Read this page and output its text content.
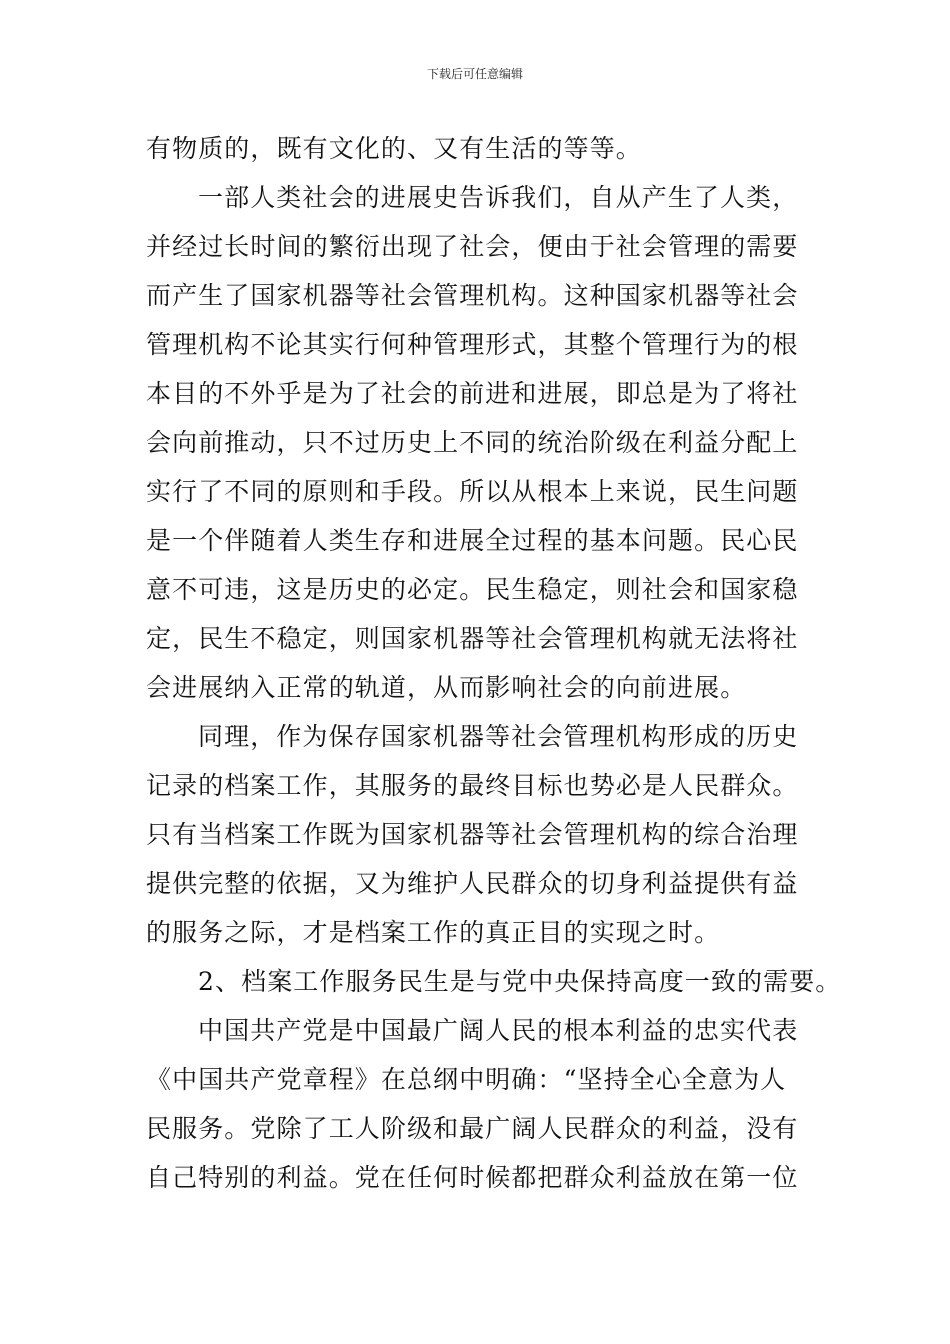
下载后可任意编辑
有物质的，既有文化的、又有生活的等等。
一部人类社会的进展史告诉我们，自从产生了人类，
并经过长时间的繁衍出现了社会，便由于社会管理的需要
而产生了国家机器等社会管理机构。这种国家机器等社会
管理机构不论其实行何种管理形式，其整个管理行为的根
本目的不外乎是为了社会的前进和进展，即总是为了将社
会向前推动，只不过历史上不同的统治阶级在利益分配上
实行了不同的原则和手段。所以从根本上来说，民生问题
是一个伴随着人类生存和进展全过程的基本问题。民心民
意不可违，这是历史的必定。民生稳定，则社会和国家稳
定，民生不稳定，则国家机器等社会管理机构就无法将社
会进展纳入正常的轨道，从而影响社会的向前进展。
同理，作为保存国家机器等社会管理机构形成的历史
记录的档案工作，其服务的最终目标也势必是人民群众。
只有当档案工作既为国家机器等社会管理机构的综合治理
提供完整的依据，又为维护人民群众的切身利益提供有益
的服务之际，才是档案工作的真正目的实现之时。
2、档案工作服务民生是与党中央保持高度一致的需要。
中国共产党是中国最广阔人民的根本利益的忠实代表
《中国共产党章程》在总纲中明确：“坚持全心全意为人
民服务。党除了工人阶级和最广阔人民群众的利益，没有
自己特别的利益。党在任何时候都把群众利益放在第一位
